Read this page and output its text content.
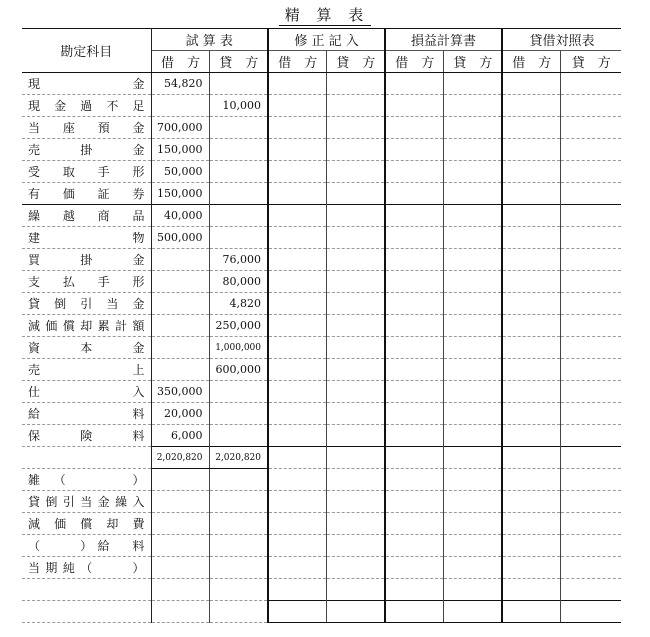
精 算 表
勘定科目	試 算 表		修 正 記 入		損益計算書		貸借対照表	
	借　方	貸　方	借　方	貸　方	借　方	貸　方	借　方	貸　方

現　　　　　　金	54,820							

現 金 過 不 足		10,000						

当 座 預 金	700,000							

売　　掛　　金	150,000							

受 取 手 形	50,000							

有 価 証 券	150,000							

繰 越 商 品	40,000							

建　　　　　　物	500,000							

買　　掛　　金		76,000						

支 払 手 形		80,000						

貸 倒 引 当 金		4,820						

減価償却累計額		250,000						

資　　本　　金		1,000,000						

売　　　　　　上		600,000						

仕　　　　　　入	350,000							

給　　　　　　料	20,000							

保　　険　　料	6,000							
	2,020,820	2,020,820						

雑　（　　　　）								

貸倒引当金繰入								

減 価 償 却 費								

（　　）給　料								

当期純（　　）								
